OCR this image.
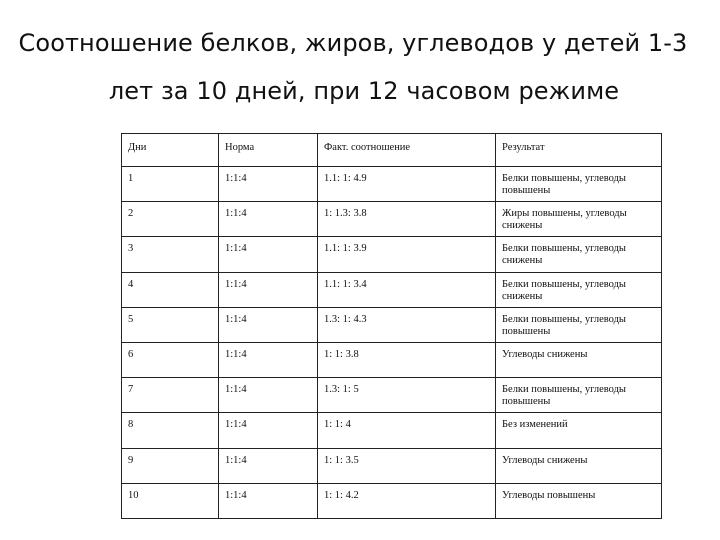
Соотношение белков, жиров, углеводов у детей 1-3
лет за 10 дней, при 12 часовом режиме
Дни	Норма	Факт. соотношение	Результат
1	1:1:4	1.1: 1: 4.9	Белки повышены, углеводы повышены
2	1:1:4	1: 1.3: 3.8	Жиры повышены, углеводы снижены
3	1:1:4	1.1: 1: 3.9	Белки повышены, углеводы снижены
4	1:1:4	1.1: 1: 3.4	Белки повышены, углеводы снижены
5	1:1:4	1.3: 1: 4.3	Белки повышены, углеводы повышены
6	1:1:4	1: 1: 3.8	Углеводы снижены
7	1:1:4	1.3: 1: 5	Белки повышены, углеводы повышены
8	1:1:4	1: 1: 4	Без изменений
9	1:1:4	1: 1: 3.5	Углеводы снижены
10	1:1:4	1: 1: 4.2	Углеводы повышены
